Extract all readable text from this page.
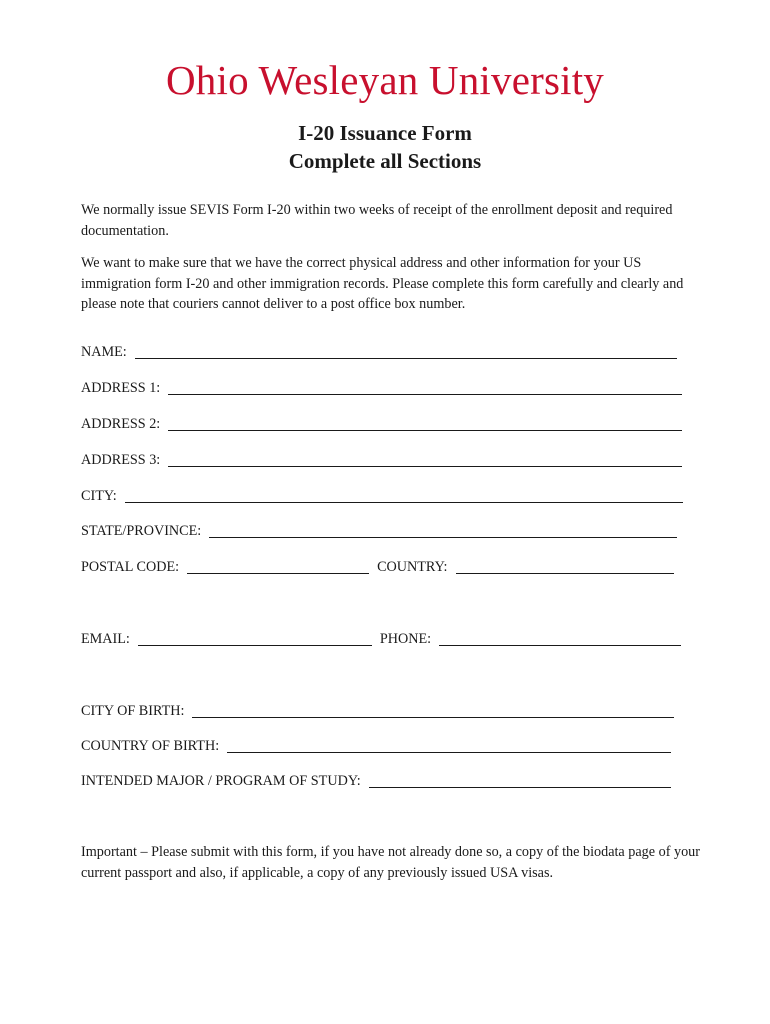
Ohio Wesleyan University
I-20 Issuance Form
Complete all Sections
We normally issue SEVIS Form I-20 within two weeks of receipt of the enrollment deposit and required documentation.
We want to make sure that we have the correct physical address and other information for your US immigration form I-20 and other immigration records. Please complete this form carefully and clearly and please note that couriers cannot deliver to a post office box number.
NAME:
ADDRESS 1:
ADDRESS 2:
ADDRESS 3:
CITY:
STATE/PROVINCE:
POSTAL CODE:	COUNTRY:
EMAIL:	PHONE:
CITY OF BIRTH:
COUNTRY OF BIRTH:
INTENDED MAJOR / PROGRAM OF STUDY:
Important – Please submit with this form, if you have not already done so, a copy of the biodata page of your current passport and also, if applicable, a copy of any previously issued USA visas.
